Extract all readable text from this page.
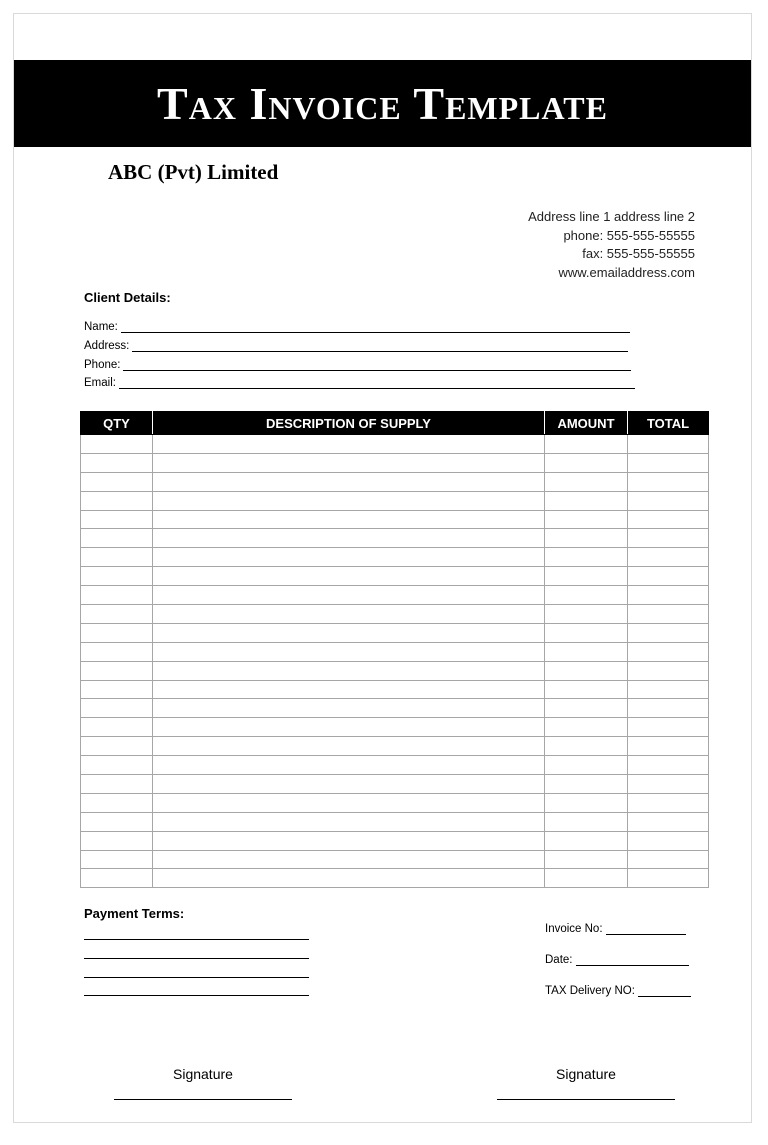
Tax Invoice Template
ABC (Pvt) Limited
Address line 1 address line 2
phone: 555-555-55555
fax: 555-555-55555
www.emailaddress.com
Client Details:
Name:
Address:
Phone:
Email:
QTY	DESCRIPTION OF SUPPLY	AMOUNT	TOTAL

Payment Terms:
Invoice No:
Date:
TAX Delivery NO:
Signature	Signature
